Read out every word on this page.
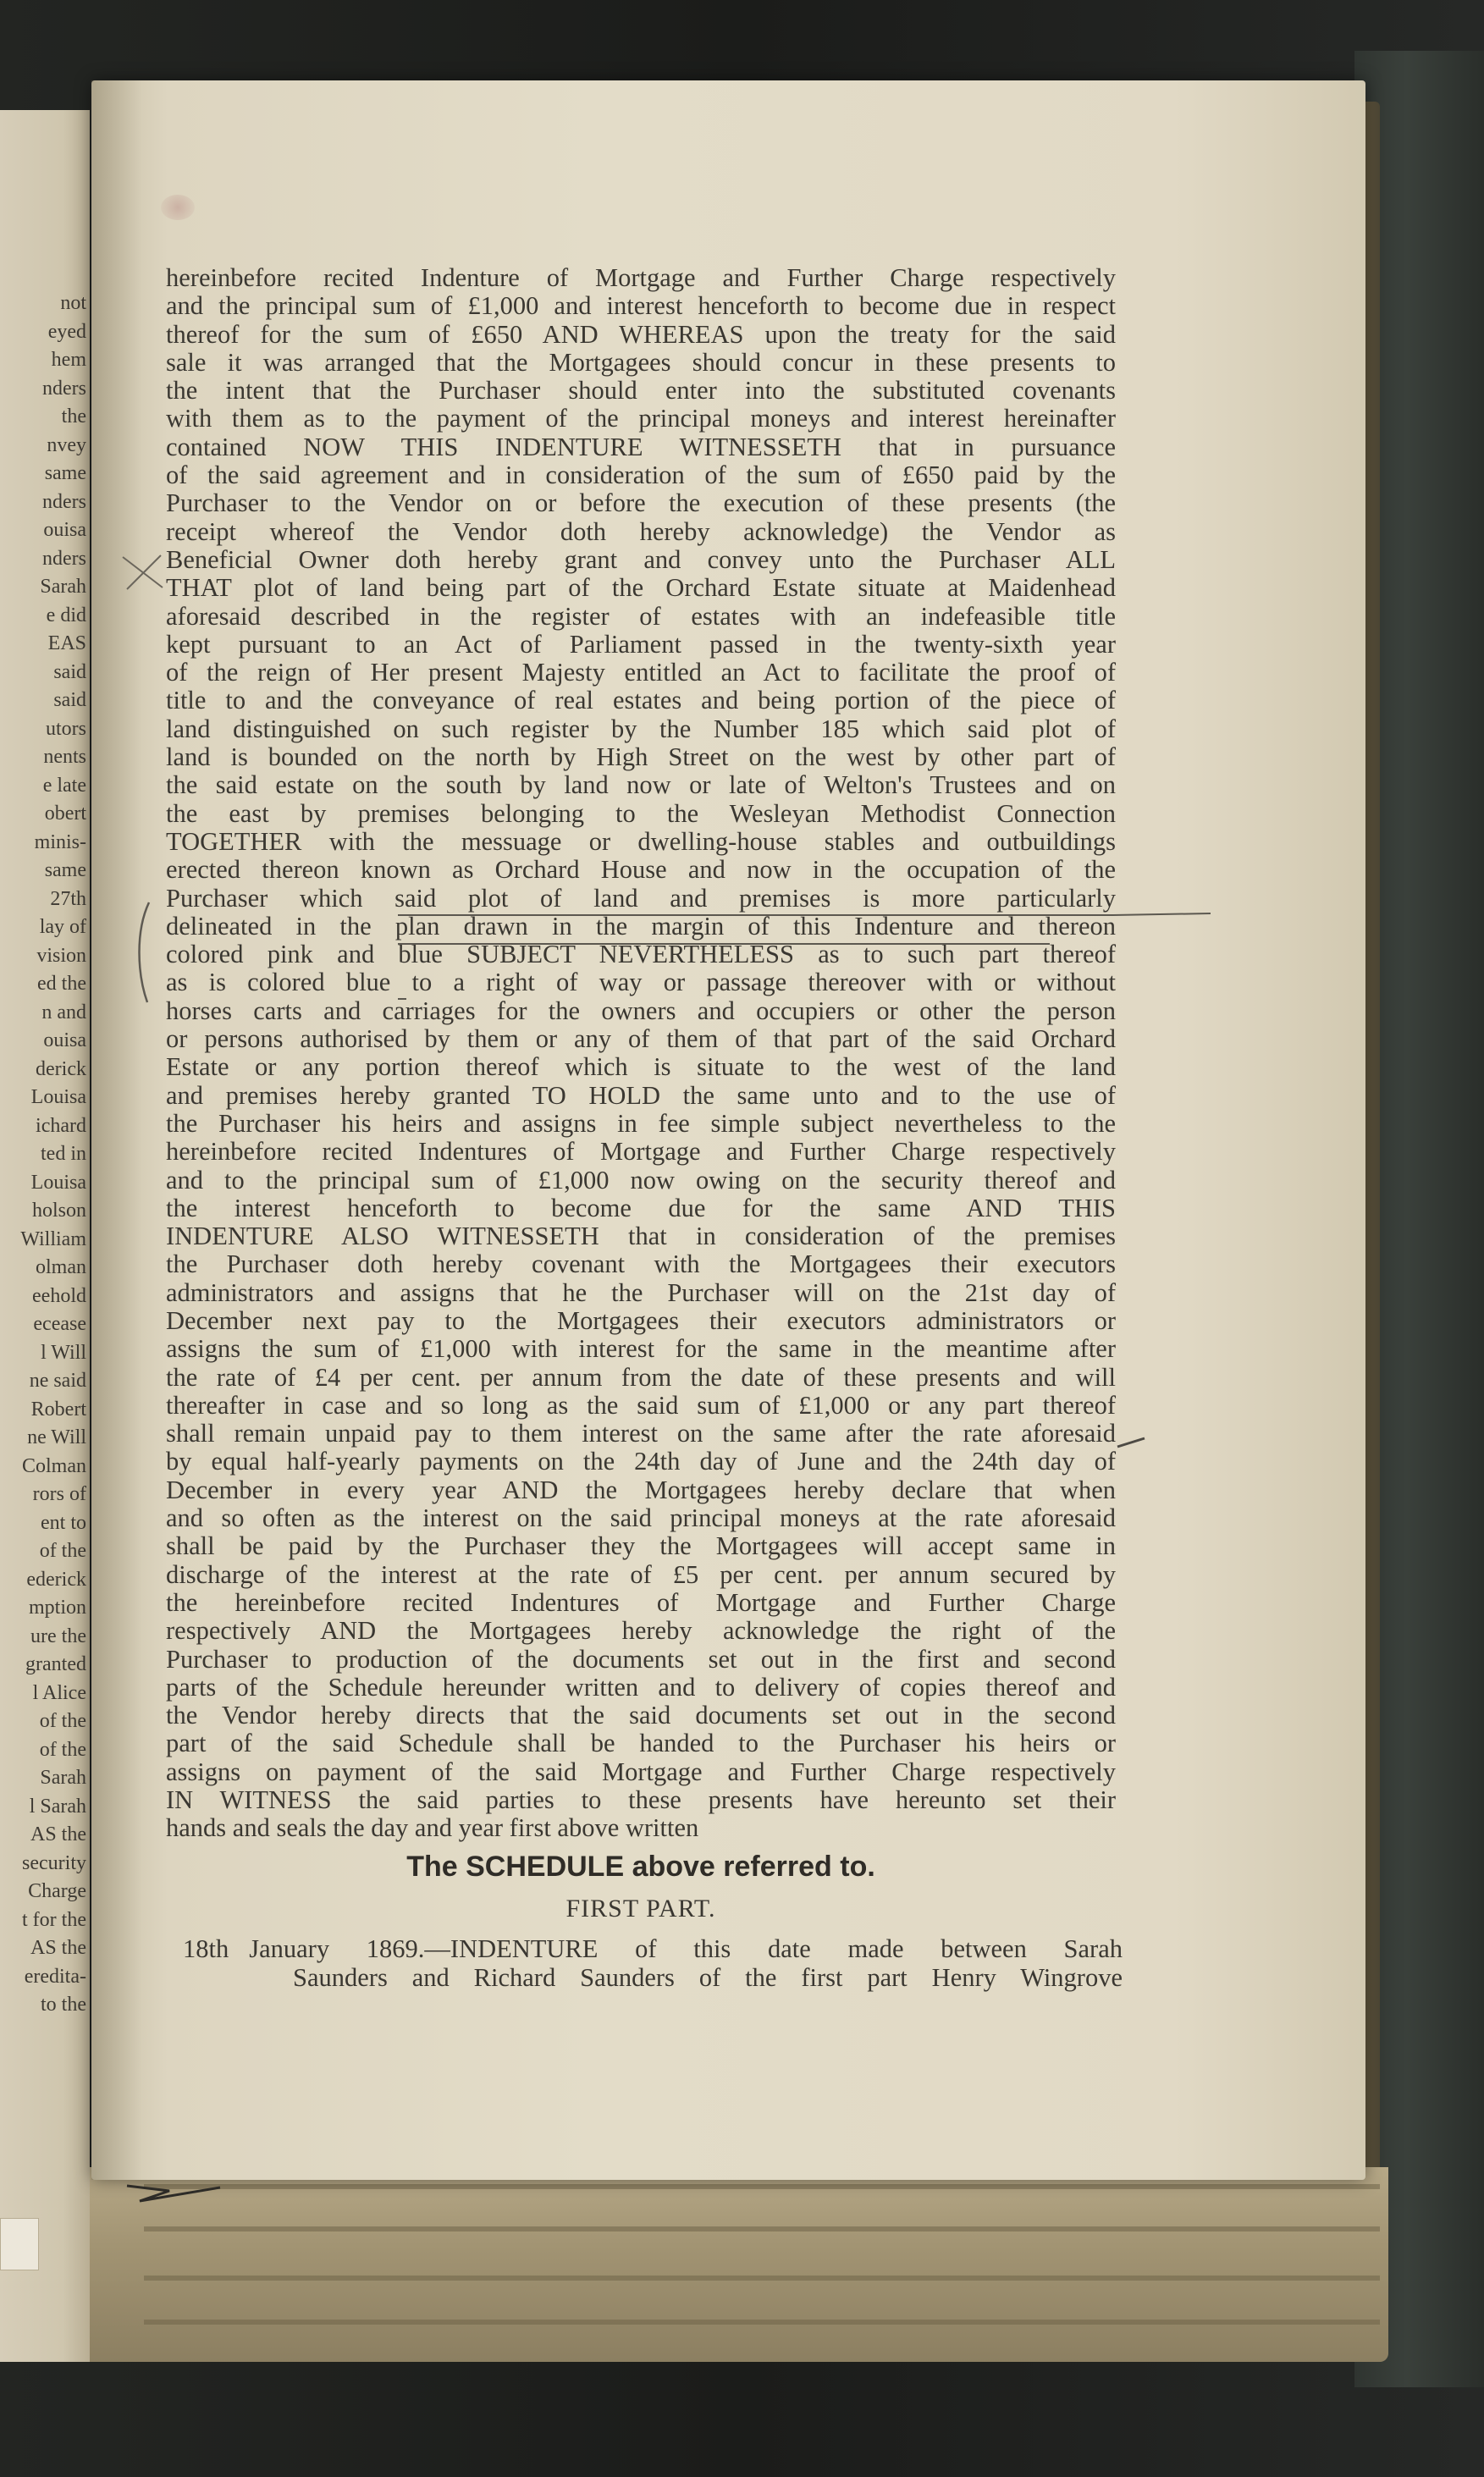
not
eyed
hem
nders
the
nvey
same
nders
ouisa
nders
Sarah
e did
EAS
said
said
utors
nents
e late
obert
minis-
same
27th
lay of
vision
ed the
n and
ouisa
derick
Louisa
ichard
ted in
Louisa
holson
William
olman
eehold
ecease
l Will
ne said
Robert
ne Will
Colman
rors of
ent to
of the
ederick
mption
ure the
granted
l Alice
of the
of the
Sarah
l Sarah
AS the
security
Charge
t for the
AS the
eredita-
to the
hereinbefore recited Indenture of Mortgage and Further Charge respectively
and the principal sum of £1,000 and interest henceforth to become due in respect
thereof for the sum of £650 AND WHEREAS upon the treaty for the said
sale it was arranged that the Mortgagees should concur in these presents to
the intent that the Purchaser should enter into the substituted covenants
with them as to the payment of the principal moneys and interest hereinafter
contained NOW THIS INDENTURE WITNESSETH that in pursuance
of the said agreement and in consideration of the sum of £650 paid by the
Purchaser to the Vendor on or before the execution of these presents (the
receipt whereof the Vendor doth hereby acknowledge) the Vendor as
Beneficial Owner doth hereby grant and convey unto the Purchaser ALL
THAT plot of land being part of the Orchard Estate situate at Maidenhead
aforesaid described in the register of estates with an indefeasible title
kept pursuant to an Act of Parliament passed in the twenty-sixth year
of the reign of Her present Majesty entitled an Act to facilitate the proof of
title to and the conveyance of real estates and being portion of the piece of
land distinguished on such register by the Number 185 which said plot of
land is bounded on the north by High Street on the west by other part of
the said estate on the south by land now or late of Welton's Trustees and on
the east by premises belonging to the Wesleyan Methodist Connection
TOGETHER with the messuage or dwelling-house stables and outbuildings
erected thereon known as Orchard House and now in the occupation of the
Purchaser which said plot of land and premises is more particularly
delineated in the plan drawn in the margin of this Indenture and thereon
colored pink and blue SUBJECT NEVERTHELESS as to such part thereof
as is colored blue to a right of way or passage thereover with or without
horses carts and carriages for the owners and occupiers or other the person
or persons authorised by them or any of them of that part of the said Orchard
Estate or any portion thereof which is situate to the west of the land
and premises hereby granted TO HOLD the same unto and to the use of
the Purchaser his heirs and assigns in fee simple subject nevertheless to the
hereinbefore recited Indentures of Mortgage and Further Charge respectively
and to the principal sum of £1,000 now owing on the security thereof and
the interest henceforth to become due for the same AND THIS
INDENTURE ALSO WITNESSETH that in consideration of the premises
the Purchaser doth hereby covenant with the Mortgagees their executors
administrators and assigns that he the Purchaser will on the 21st day of
December next pay to the Mortgagees their executors administrators or
assigns the sum of £1,000 with interest for the same in the meantime after
the rate of £4 per cent. per annum from the date of these presents and will
thereafter in case and so long as the said sum of £1,000 or any part thereof
shall remain unpaid pay to them interest on the same after the rate aforesaid
by equal half-yearly payments on the 24th day of June and the 24th day of
December in every year AND the Mortgagees hereby declare that when
and so often as the interest on the said principal moneys at the rate aforesaid
shall be paid by the Purchaser they the Mortgagees will accept same in
discharge of the interest at the rate of £5 per cent. per annum secured by
the hereinbefore recited Indentures of Mortgage and Further Charge
respectively AND the Mortgagees hereby acknowledge the right of the
Purchaser to production of the documents set out in the first and second
parts of the Schedule hereunder written and to delivery of copies thereof and
the Vendor hereby directs that the said documents set out in the second
part of the said Schedule shall be handed to the Purchaser his heirs or
assigns on payment of the said Mortgage and Further Charge respectively
IN WITNESS the said parties to these presents have hereunto set their
hands and seals the day and year first above written
The SCHEDULE above referred to.
FIRST PART.
18th January 1869.—INDENTURE of this date made between Sarah
Saunders and Richard Saunders of the first part Henry Wingrove
